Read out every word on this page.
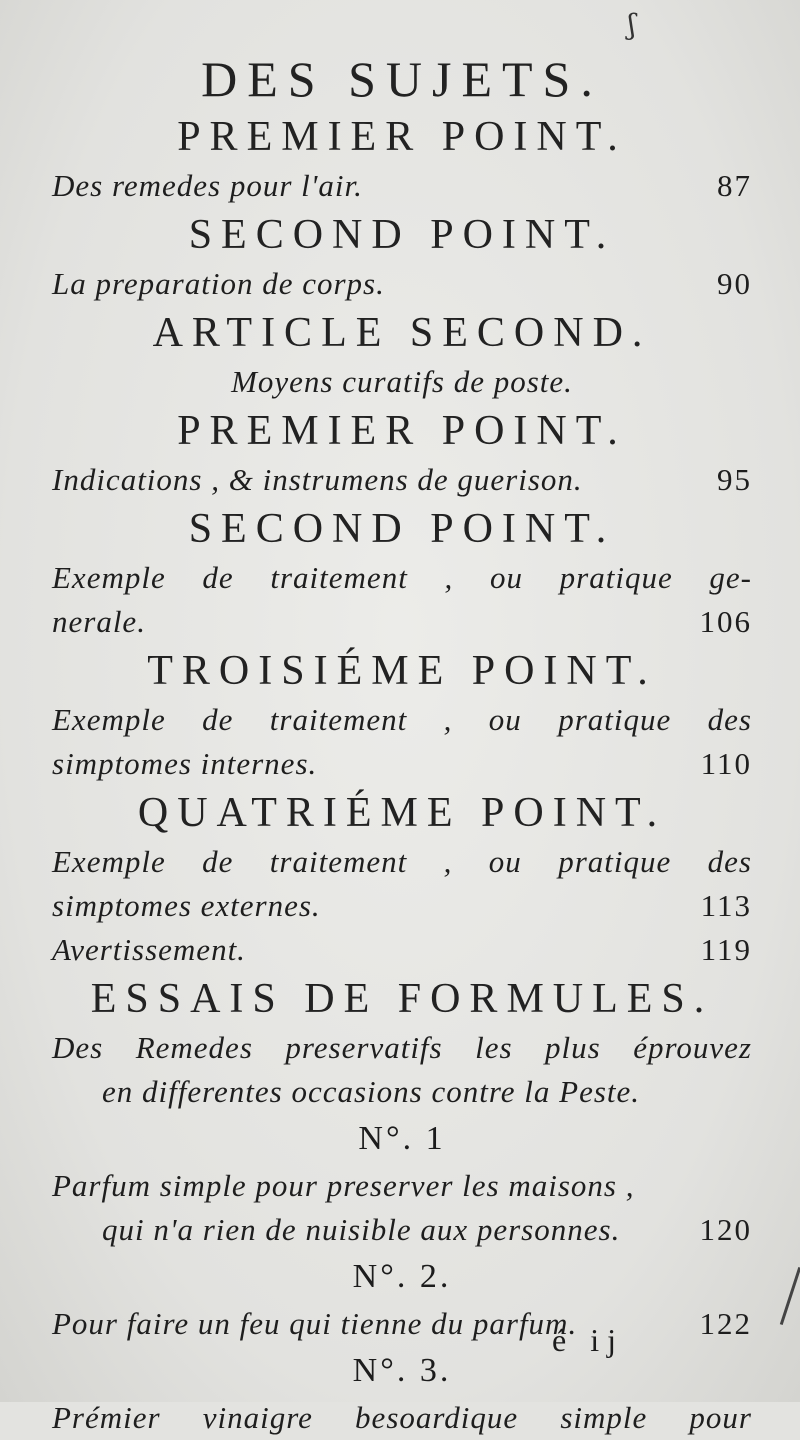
ʃ
DES SUJETS.
PREMIER POINT.
Des remedes pour l'air.	87
SECOND POINT.
La preparation de corps.	90
ARTICLE SECOND.
Moyens curatifs de poste.
PREMIER POINT.
Indications , & instrumens de guerison.	95
SECOND POINT.
Exemple de traitement , ou pratique ge-
nerale.	106
TROISIÉME POINT.
Exemple de traitement , ou pratique des
simptomes internes.	110
QUATRIÉME POINT.
Exemple de traitement , ou pratique des
simptomes externes.	113
Avertissement.	119
ESSAIS DE FORMULES.
Des Remedes preservatifs les plus éprouvez
en differentes occasions contre la Peste.
N°. 1
Parfum simple pour preserver les maisons ,
qui n'a rien de nuisible aux personnes.	120
N°. 2.
Pour faire un feu qui tienne du parfum.	122
N°. 3.
Prémier vinaigre besoardique simple pour
é ij
